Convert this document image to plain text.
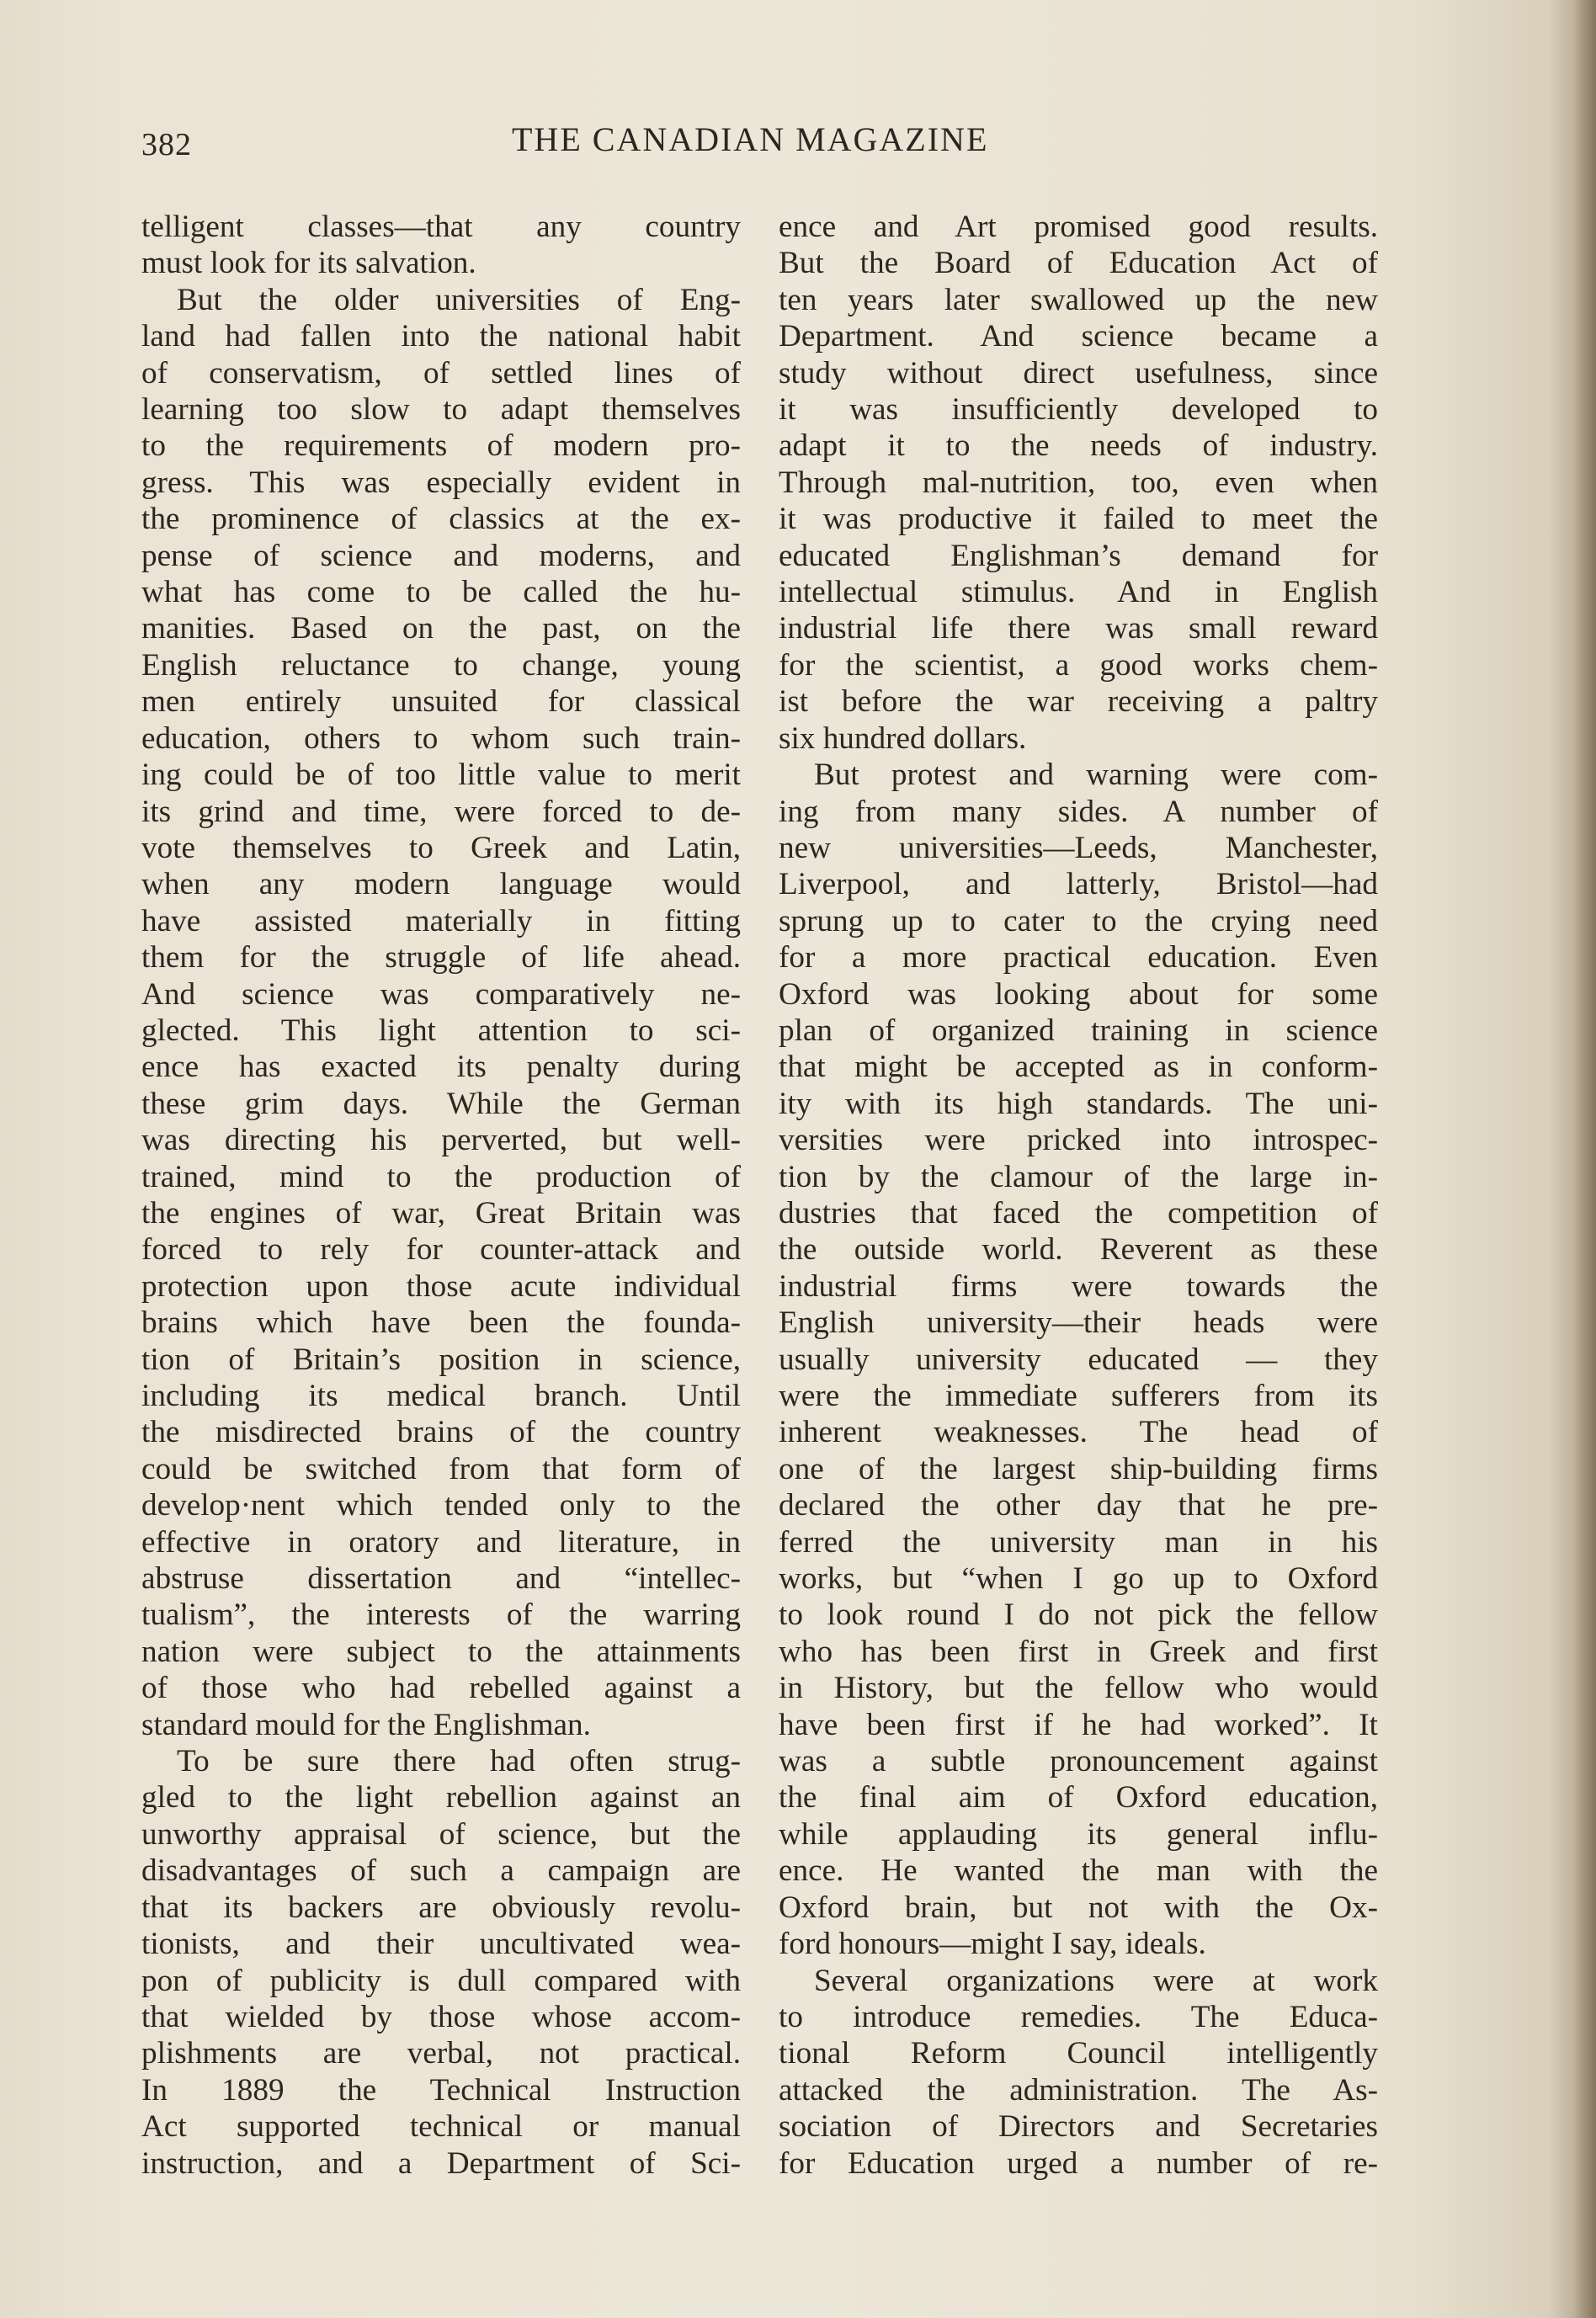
382	THE CANADIAN MAGAZINE
telligent classes—that any country
must look for its salvation.
But the older universities of Eng-
land had fallen into the national habit
of conservatism, of settled lines of
learning too slow to adapt themselves
to the requirements of modern pro-
gress. This was especially evident in
the prominence of classics at the ex-
pense of science and moderns, and
what has come to be called the hu-
manities. Based on the past, on the
English reluctance to change, young
men entirely unsuited for classical
education, others to whom such train-
ing could be of too little value to merit
its grind and time, were forced to de-
vote themselves to Greek and Latin,
when any modern language would
have assisted materially in fitting
them for the struggle of life ahead.
And science was comparatively ne-
glected. This light attention to sci-
ence has exacted its penalty during
these grim days. While the German
was directing his perverted, but well-
trained, mind to the production of
the engines of war, Great Britain was
forced to rely for counter-attack and
protection upon those acute individual
brains which have been the founda-
tion of Britain’s position in science,
including its medical branch. Until
the misdirected brains of the country
could be switched from that form of
develop·nent which tended only to the
effective in oratory and literature, in
abstruse dissertation and “intellec-
tualism”, the interests of the warring
nation were subject to the attainments
of those who had rebelled against a
standard mould for the Englishman.
To be sure there had often strug-
gled to the light rebellion against an
unworthy appraisal of science, but the
disadvantages of such a campaign are
that its backers are obviously revolu-
tionists, and their uncultivated wea-
pon of publicity is dull compared with
that wielded by those whose accom-
plishments are verbal, not practical.
In 1889 the Technical Instruction
Act supported technical or manual
instruction, and a Department of Sci-
ence and Art promised good results.
But the Board of Education Act of
ten years later swallowed up the new
Department. And science became a
study without direct usefulness, since
it was insufficiently developed to
adapt it to the needs of industry.
Through mal-nutrition, too, even when
it was productive it failed to meet the
educated Englishman’s demand for
intellectual stimulus. And in English
industrial life there was small reward
for the scientist, a good works chem-
ist before the war receiving a paltry
six hundred dollars.
But protest and warning were com-
ing from many sides. A number of
new universities—Leeds, Manchester,
Liverpool, and latterly, Bristol—had
sprung up to cater to the crying need
for a more practical education. Even
Oxford was looking about for some
plan of organized training in science
that might be accepted as in conform-
ity with its high standards. The uni-
versities were pricked into introspec-
tion by the clamour of the large in-
dustries that faced the competition of
the outside world. Reverent as these
industrial firms were towards the
English university—their heads were
usually university educated — they
were the immediate sufferers from its
inherent weaknesses. The head of
one of the largest ship-building firms
declared the other day that he pre-
ferred the university man in his
works, but “when I go up to Oxford
to look round I do not pick the fellow
who has been first in Greek and first
in History, but the fellow who would
have been first if he had worked”. It
was a subtle pronouncement against
the final aim of Oxford education,
while applauding its general influ-
ence. He wanted the man with the
Oxford brain, but not with the Ox-
ford honours—might I say, ideals.
Several organizations were at work
to introduce remedies. The Educa-
tional Reform Council intelligently
attacked the administration. The As-
sociation of Directors and Secretaries
for Education urged a number of re-
